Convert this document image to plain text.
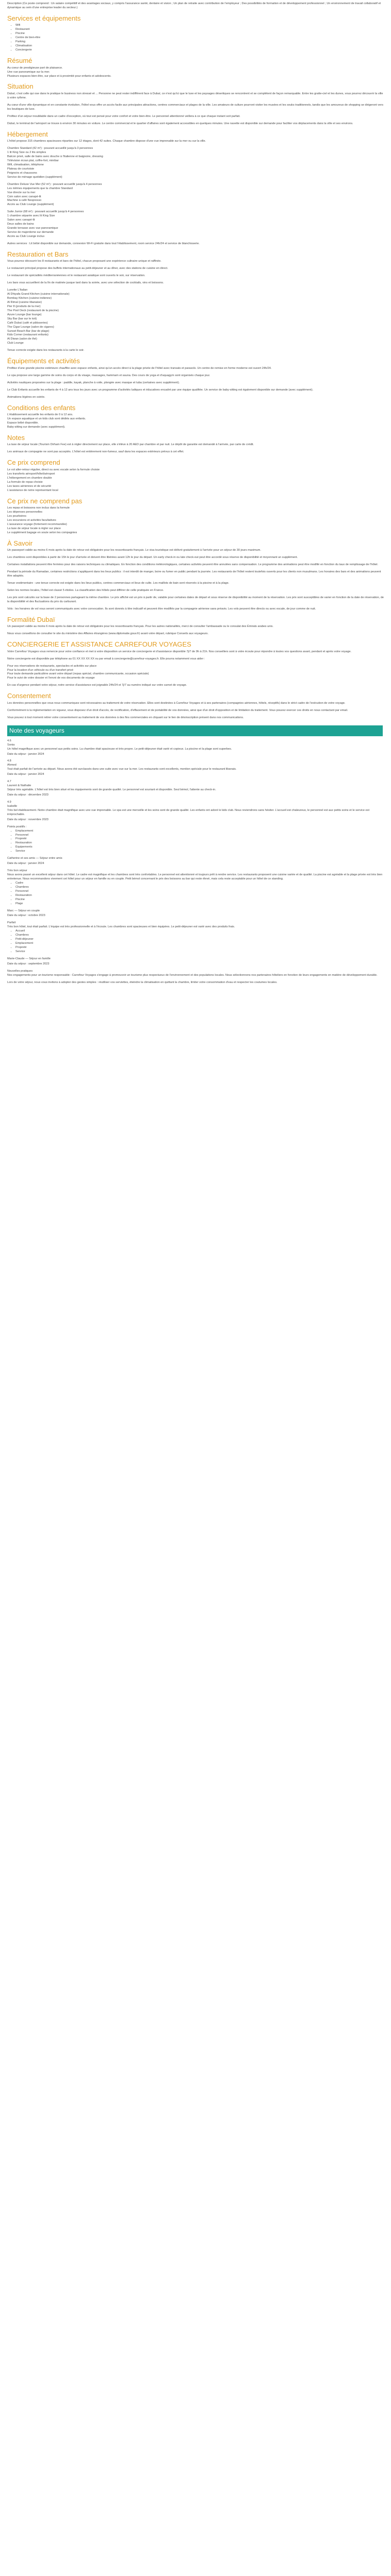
Description (Ce poste comprend : Un salaire compétitif et des avantages sociaux, y compris l'assurance santé, dentaire et vision ; Un plan de retraite avec contribution de l'employeur ; Des possibilités de formation et de développement professionnel ; Un environnement de travail collaboratif et dynamique au sein d'une entreprise leader du secteur.)

Services et équipements
• Wifi
• Restaurant
• Piscine
• Centre de bien-être
• Parking
• Climatisation
• Conciergerie
Résumé
Au coeur de prestigieuse part de plaisance.
Une vue panoramique sur la mer.
Plusieurs espaces bien-être, sur place et à proximité pour enfants et adolescents.
Situation

Dubaï, c'est celle qui ose dans le pratique le business non stressé et ... Personne ne peut rester indifférent face à Dubaï, ce n'est qu'ici que le luxe et les paysages désertiques se rencontrent et se complètent de façon remarquable. Entre les gratte-ciel et les dunes, vous pourrez découvrir la ville à votre rythme.

Au cœur d'une ville dynamique et en constante évolution, l'hôtel vous offre un accès facile aux principales attractions, centres commerciaux et plages de la ville. Les amateurs de culture pourront visiter les musées et les souks traditionnels, tandis que les amoureux de shopping se dirigeront vers les boutiques de luxe.

Profitez d'un séjour inoubliable dans un cadre d'exception, où tout est pensé pour votre confort et votre bien-être. Le personnel attentionné veillera à ce que chaque instant soit parfait.

Dubaï, le terminal de l'aéroport se trouve à environ 30 minutes en voiture. Le centre commercial et le quartier d'affaires sont également accessibles en quelques minutes. Une navette est disponible sur demande pour faciliter vos déplacements dans la ville et ses environs.

Hébergement

L'hôtel propose 315 chambres spacieuses réparties sur 12 étages, dont 42 suites. Chaque chambre dispose d'une vue imprenable sur la mer ou sur la ville.

Chambre Standard (42 m²) : pouvant accueillir jusqu'à 3 personnes
1 lit King Size ou 2 lits simples
Balcon privé, salle de bains avec douche à l'italienne et baignoire, dressing
Télévision écran plat, coffre-fort, minibar
Wifi, climatisation, téléphone
Plateau de courtoisie
Peignoirs et chaussons
Service de ménage quotidien (supplément)
Chambre Deluxe Vue Mer (52 m²) : pouvant accueillir jusqu'à 4 personnes
Les mêmes équipements que la chambre Standard
Vue directe sur la mer
Coin salon avec canapé-lit
Machine à café Nespresso
Accès au Club Lounge (supplément)
Suite Junior (68 m²) : pouvant accueillir jusqu'à 4 personnes
1 chambre séparée avec lit King Size
Salon avec canapé-lit
Deux salles de bains
Grande terrasse avec vue panoramique
Service de majordome sur demande
Accès au Club Lounge inclus

Autres services : Lit bébé disponible sur demande, connexion Wi-Fi gratuite dans tout l'établissement, room service 24h/24 et service de blanchisserie.

Restauration et Bars

Vous pourrez découvrir les 8 restaurants et bars de l'hôtel, chacun proposant une expérience culinaire unique et raffinée.

Le restaurant principal propose des buffets internationaux au petit-déjeuner et au dîner, avec des stations de cuisine en direct.

Le restaurant de spécialités méditerranéennes et le restaurant asiatique sont ouverts le soir, sur réservation.

Les bars vous accueillent de la fin de matinée jusque tard dans la soirée, avec une sélection de cocktails, vins et boissons.

Lunette L'Italian
Al Dhiyafa Grand Kitchen (cuisine internationale)
Bombay Kitchen (cuisine indienne)
Al Rimal (cuisine libanaise)
Pier 8 (produits de la mer)
The Pool Deck (restaurant de la piscine)
Azure Lounge (bar lounge)
Sky Bar (bar sur le toit)
Café Dubaï (café et pâtisseries)
The Cigar Lounge (salon de cigares)
Sunset Beach Bar (bar de plage)
Kids Corner (restaurant enfants)
Al Diwan (salon de thé)
Club Lounge

Tenue correcte exigée dans les restaurants à la carte le soir.

Équipements et activités

Profitez d'une grande piscine extérieure chauffée avec espace enfants, ainsi qu'un accès direct à la plage privée de l'hôtel avec transats et parasols. Un centre de remise en forme moderne est ouvert 24h/24.

Le spa propose une large gamme de soins du corps et du visage, massages, hammam et sauna. Des cours de yoga et d'aquagym sont organisés chaque jour.

Activités nautiques proposées sur la plage : paddle, kayak, planche à voile, plongée avec masque et tuba (certaines avec supplément).

Le Club Enfants accueille les enfants de 4 à 12 ans tous les jours avec un programme d'activités ludiques et éducatives encadré par une équipe qualifiée. Un service de baby-sitting est également disponible sur demande (avec supplément).

Animations légères en soirée.

Conditions des enfants
L'établissement accueille les enfants de 0 à 12 ans.
Un espace aquatique et un kids club sont dédiés aux enfants.
Espace bébé disponible.
Baby-sitting sur demande (avec supplément).
Notes

La taxe de séjour locale (Tourism Dirham Fee) est à régler directement sur place, elle s'élève à 20 AED par chambre et par nuit. Le dépôt de garantie est demandé à l'arrivée, par carte de crédit.

Les animaux de compagnie ne sont pas acceptés. L'hôtel est entièrement non-fumeur, sauf dans les espaces extérieurs prévus à cet effet.

Ce prix comprend
Le vol aller-retour régulier, direct ou avec escale selon la formule choisie
Les transferts aéroport/hôtel/aéroport
L'hébergement en chambre double
La formule de repas choisie
Les taxes aériennes et de sécurité
L'assistance de notre représentant local
Ce prix ne comprend pas
Les repas et boissons non inclus dans la formule
Les dépenses personnelles
Les pourboires
Les excursions et activités facultatives
L'assurance voyage (fortement recommandée)
La taxe de séjour locale à régler sur place
Le supplément bagage en soute selon les compagnies
À Savoir

Un passeport valide au moins 6 mois après la date de retour est obligatoire pour les ressortissants français. Le visa touristique est délivré gratuitement à l'arrivée pour un séjour de 30 jours maximum.

Les chambres sont disponibles à partir de 15h le jour d'arrivée et doivent être libérées avant 12h le jour du départ. Un early check-in ou late check-out peut être accordé sous réserve de disponibilité et moyennant un supplément.

Certaines installations peuvent être fermées pour des raisons techniques ou climatiques. En fonction des conditions météorologiques, certaines activités peuvent être annulées sans compensation. Le programme des animations peut être modifié en fonction du taux de remplissage de l'hôtel.

Pendant la période du Ramadan, certaines restrictions s'appliquent dans les lieux publics : il est interdit de manger, boire ou fumer en public pendant la journée. Les restaurants de l'hôtel restent toutefois ouverts pour les clients non musulmans. Les horaires des bars et des animations peuvent être adaptés.

Tenue vestimentaire : une tenue correcte est exigée dans les lieux publics, centres commerciaux et lieux de culte. Les maillots de bain sont réservés à la piscine et à la plage.

Selon les normes locales, l'hôtel est classé 5 étoiles. La classification des hôtels peut différer de celle pratiquée en France.

Les prix sont calculés sur la base de 2 personnes partageant la même chambre. Le prix affiché est un prix à partir de, valable pour certaines dates de départ et sous réserve de disponibilité au moment de la réservation. Les prix sont susceptibles de varier en fonction de la date de réservation, de la disponibilité et des fluctuations du prix du carburant.

Vols : les horaires de vol vous seront communiqués avec votre convocation. Ils sont donnés à titre indicatif et peuvent être modifiés par la compagnie aérienne sans préavis. Les vols peuvent être directs ou avec escale, de jour comme de nuit.

Formalité Dubaï

Un passeport valide au moins 6 mois après la date de retour est obligatoire pour les ressortissants français. Pour les autres nationalités, merci de consulter l'ambassade ou le consulat des Émirats arabes unis.

Nous vous conseillons de consulter le site du ministère des Affaires étrangères (www.diplomatie.gouv.fr) avant votre départ, rubrique Conseils aux voyageurs.

CONCIERGERIE ET ASSISTANCE CARREFOUR VOYAGES

Votre Carrefour Voyages vous remercie pour votre confiance et met à votre disposition un service de conciergerie et d'assistance disponible 7j/7 de 9h à 21h. Nos conseillers sont à votre écoute pour répondre à toutes vos questions avant, pendant et après votre voyage.

Notre conciergerie est disponible par téléphone au 01 XX XX XX XX ou par email à conciergerie@carrefour-voyages.fr. Elle pourra notamment vous aider :

Pour vos réservations de restaurants, spectacles et activités sur place
Pour la location d'un véhicule ou d'un transfert privé
Pour toute demande particulière avant votre départ (repas spécial, chambre communicante, occasion spéciale)
Pour le suivi de votre dossier et l'envoi de vos documents de voyage

En cas d'urgence pendant votre séjour, notre service d'assistance est joignable 24h/24 et 7j/7 au numéro indiqué sur votre carnet de voyage.

Consentement

Les données personnelles que vous nous communiquez sont nécessaires au traitement de votre réservation. Elles sont destinées à Carrefour Voyages et à ses partenaires (compagnies aériennes, hôtels, réceptifs) dans le strict cadre de l'exécution de votre voyage.

Conformément à la réglementation en vigueur, vous disposez d'un droit d'accès, de rectification, d'effacement et de portabilité de vos données, ainsi que d'un droit d'opposition et de limitation du traitement. Vous pouvez exercer ces droits en nous contactant par email.

Vous pouvez à tout moment retirer votre consentement au traitement de vos données à des fins commerciales en cliquant sur le lien de désinscription présent dans nos communications.

Note des voyageurs
4.6
Sonia
Un hôtel magnifique avec un personnel aux petits soins. La chambre était spacieuse et très propre. Le petit-déjeuner était varié et copieux. La piscine et la plage sont superbes.
Date du séjour : janvier 2024
4.8
Ahmed
Tout était parfait de l'arrivée au départ. Nous avons été surclassés dans une suite avec vue sur la mer. Les restaurants sont excellents, mention spéciale pour le restaurant libanais.
Date du séjour : janvier 2024
4.7
Laurent & Nathalie
Séjour très agréable. L'hôtel est très bien situé et les équipements sont de grande qualité. Le personnel est souriant et disponible. Seul bémol, l'attente au check-in.
Date du séjour : décembre 2023
4.9
Isabelle
Très bel établissement. Notre chambre était magnifique avec une vue imprenable. Le spa est une merveille et les soins sont de grande qualité. Les enfants ont adoré le kids club. Nous reviendrons sans hésiter. L'accueil est chaleureux, le personnel est aux petits soins et le service est irréprochable.
Date du séjour : novembre 2023
Points positifs :
• Emplacement
• Personnel
• Propreté
• Restauration
• Équipements
• Service
Catherine et ses amis — Séjour entre amis
Date du séjour : janvier 2024
Très bon séjour
Nous avons passé un excellent séjour dans cet hôtel. Le cadre est magnifique et les chambres sont très confortables. Le personnel est attentionné et toujours prêt à rendre service. Les restaurants proposent une cuisine variée et de qualité. La piscine est agréable et la plage privée est très bien entretenue. Nous recommandons vivement cet hôtel pour un séjour en famille ou en couple. Petit bémol concernant le prix des boissons au bar qui reste élevé, mais cela reste acceptable pour un hôtel de ce standing.
• Cadre
• Chambres
• Personnel
• Restauration
• Piscine
• Plage
Marc — Séjour en couple
Date du séjour : octobre 2023
Parfait
Très bon hôtel, tout était parfait. L'équipe est très professionnelle et à l'écoute. Les chambres sont spacieuses et bien équipées. Le petit-déjeuner est varié avec des produits frais.
• Accueil
• Chambres
• Petit-déjeuner
• Emplacement
• Propreté
• Service
Marie-Claude — Séjour en famille
Date du séjour : septembre 2023
Nouvelles pratiques

Nos engagements pour un tourisme responsable : Carrefour Voyages s'engage à promouvoir un tourisme plus respectueux de l'environnement et des populations locales. Nous sélectionnons nos partenaires hôteliers en fonction de leurs engagements en matière de développement durable.

Lors de votre séjour, nous vous invitons à adopter des gestes simples : réutiliser vos serviettes, éteindre la climatisation en quittant la chambre, limiter votre consommation d'eau et respecter les coutumes locales.
